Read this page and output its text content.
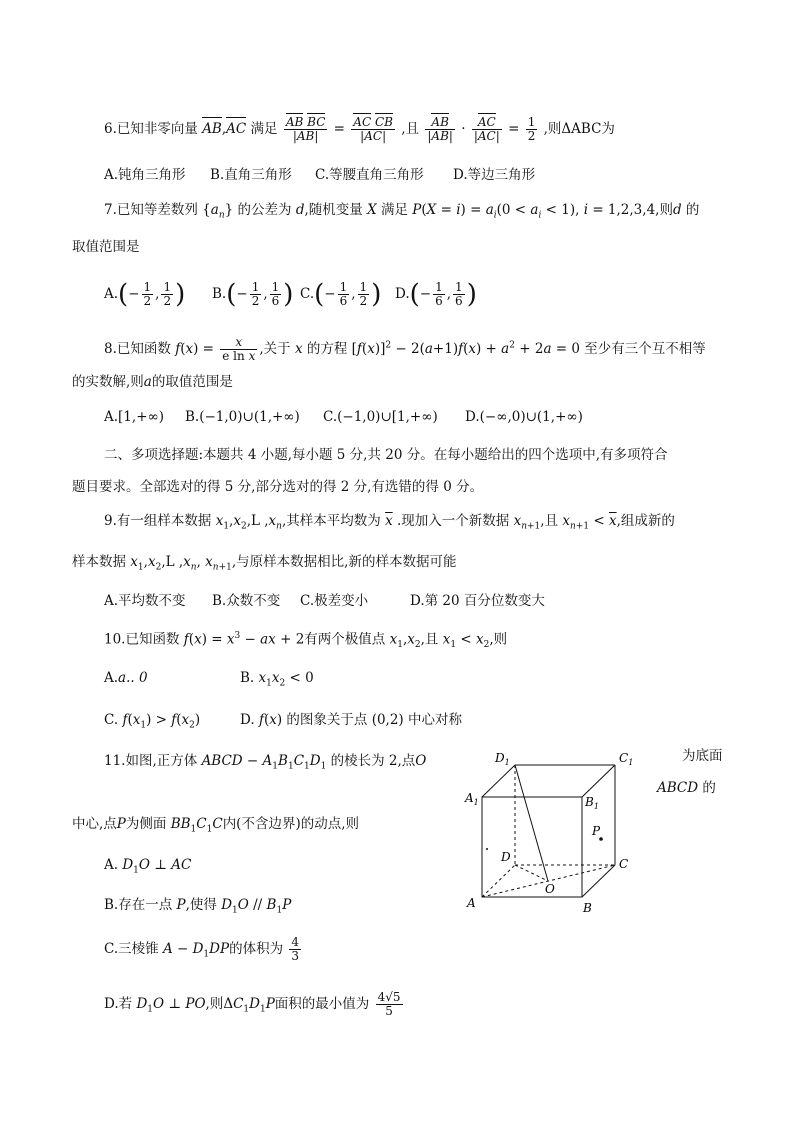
6.已知非零向量 AB,AC 满足 $\frac{\text{AB BC}}{|AB|} = \frac{\text{AC CB}}{|AC|}$ ,且 $\frac{AB}{|AB|} \cdot \frac{AC}{|AC|} = \frac{1}{2}$ ,则ΔABC为
A.钝角三角形 B.直角三角形 C.等腰直角三角形 D.等边三角形
7.已知等差数列 $\{a_n\}$ 的公差为 d,随机变量 X 满足 $P(X = i) = a_i(0 < a_i < 1)$, i = 1,2,3,4,则d 的
取值范围是
$A.(- \frac{1}{2}$ , $\frac{1}{2}$ ) $B.(- \frac{1}{2}$ , $\frac{1}{6}$ ) $C.(- \frac{1}{6}$ , $\frac{1}{2}$ ) $D.(- \frac{1}{6}$ , $\frac{1}{6}$ )
8.已知函数 $f(x) = \frac{x}{\text{e ln x}}$ ,关于 x 的方程 $[f(x)]^2 - 2(a+1)f(x) + a^2 + 2a = 0$ 至少有三个互不相等
的实数解,则a的取值范围是
A.[1,+∞) B.(−1,0)∪(1,+∞) C.(−1,0)∪[1,+∞) D.(−∞,0)∪(1,+∞)
二、多项选择题:本题共 4 小题,每小题 5 分,共 20 分。在每小题给出的四个选项中,有多项符合
题目要求。全部选对的得 5 分,部分选对的得 2 分,有选错的得 0 分。
9.有一组样本数据 $x_1,x_2,L$ $,x_n$,其样本平均数为 $\overline{x}$ .现加入一个新数据 $x_{n+1}$,且 $x_{n+1} < \overline{x}$,组成新的
样本数据 $x_1,x_2,L$ $,x_n$, $x_{n+1}$,与原样本数据相比,新的样本数据可能
A.平均数不变 B.众数不变 C.极差变小	D.第 20 百分位数变大
10.已知函数 $f(x) = x^3$ − ax + 2有两个极值点 $x_1,x_2$,且 $x_1 < x_2$,则
A.a.. 0	B. $x_1x_2 < 0$
C. $f(x_1) > f(x_2)$	D. f(x) 的图象关于点 (0,2) 中心对称
11.如图,正方体 ABCD − $A_1B_1C_1D_1$ 的棱长为 2,点O	为底面
ABCD 的
中心,点P为侧面 $BB_1C_1C$内(不含边界)的动点,则
A. $D_1O$ ⊥ AC
B.存在一点 P,使得 $D_1O // B_1P$
C.三棱锥 $A - D_1DP$的体积为 $\frac{4}{3}$
D.若 $D_1O$ ⊥ PO,则$\Delta C_1D_1P$面积的最小值为 $\frac{4√5}{5}$
$D_1$	$C_1$
$A_1$	$B_1$
D	C
O
A	B
P
